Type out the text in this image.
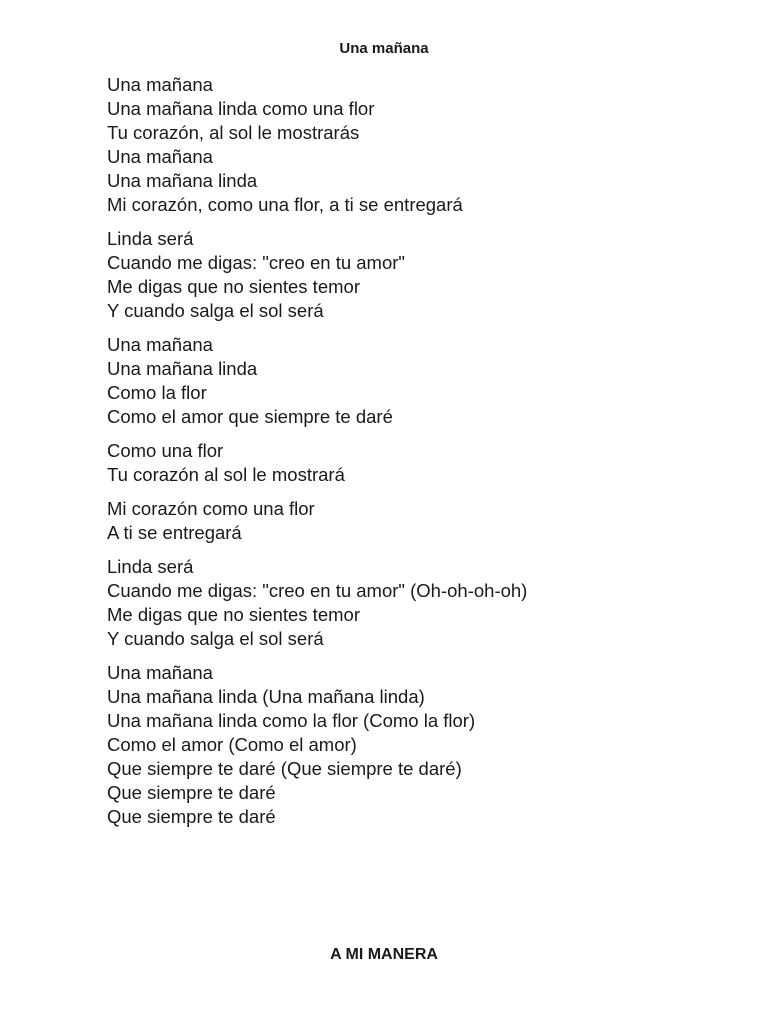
Una mañana

Una mañana
Una mañana linda como una flor
Tu corazón, al sol le mostrarás
Una mañana
Una mañana linda
Mi corazón, como una flor, a ti se entregará

Linda será
Cuando me digas: "creo en tu amor"
Me digas que no sientes temor
Y cuando salga el sol será

Una mañana
Una mañana linda
Como la flor
Como el amor que siempre te daré

Como una flor
Tu corazón al sol le mostrará

Mi corazón como una flor
A ti se entregará

Linda será
Cuando me digas: "creo en tu amor" (Oh-oh-oh-oh)
Me digas que no sientes temor
Y cuando salga el sol será

Una mañana
Una mañana linda (Una mañana linda)
Una mañana linda como la flor (Como la flor)
Como el amor (Como el amor)
Que siempre te daré (Que siempre te daré)
Que siempre te daré
Que siempre te daré

A MI MANERA
